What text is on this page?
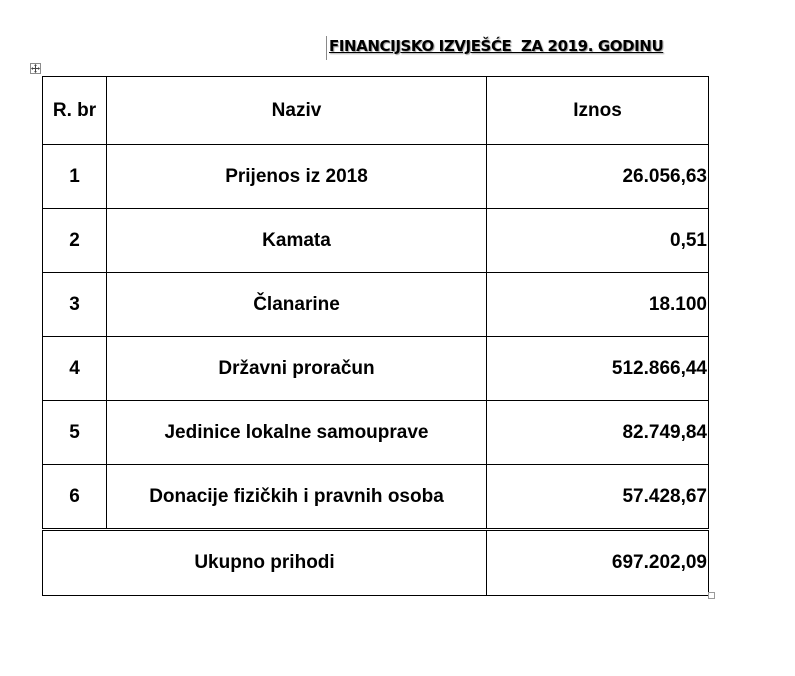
FINANCIJSKO IZVJEŠĆE  ZA 2019. GODINU
R. br	Naziv	Iznos
1	Prijenos iz 2018	26.056,63
2	Kamata	0,51
3	Članarine	18.100
4	Državni proračun	512.866,44
5	Jedinice lokalne samouprave	82.749,84
6	Donacije fizičkih i pravnih osoba	57.428,67

Ukupno prihodi		697.202,09
